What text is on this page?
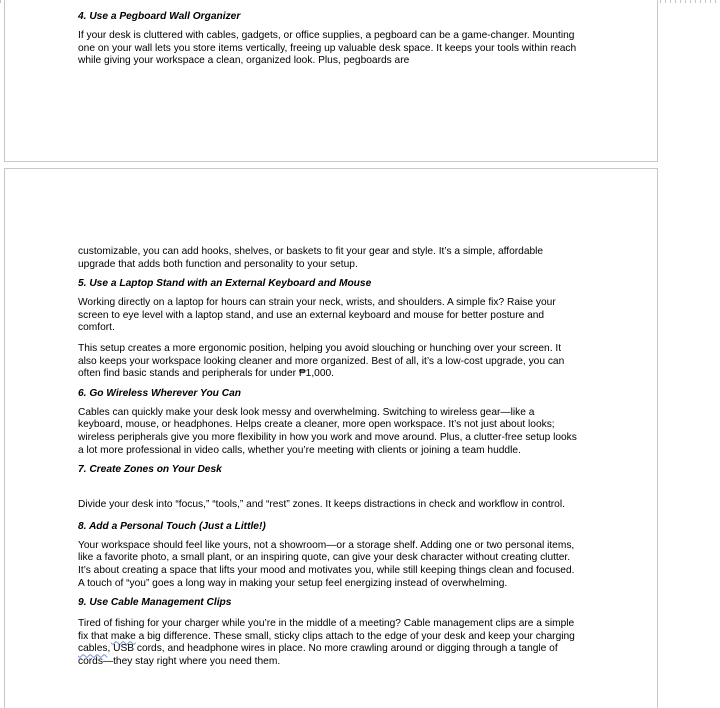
4. Use a Pegboard Wall Organizer

If your desk is cluttered with cables, gadgets, or office supplies, a pegboard can be a game-changer. Mounting one on your wall lets you store items vertically, freeing up valuable desk space. It keeps your tools within reach while giving your workspace a clean, organized look. Plus, pegboards are

customizable, you can add hooks, shelves, or baskets to fit your gear and style. It’s a simple, affordable upgrade that adds both function and personality to your setup.

5. Use a Laptop Stand with an External Keyboard and Mouse

Working directly on a laptop for hours can strain your neck, wrists, and shoulders. A simple fix? Raise your screen to eye level with a laptop stand, and use an external keyboard and mouse for better posture and comfort.

This setup creates a more ergonomic position, helping you avoid slouching or hunching over your screen. It also keeps your workspace looking cleaner and more organized. Best of all, it’s a low-cost upgrade, you can often find basic stands and peripherals for under ₱1,000.

6. Go Wireless Wherever You Can

Cables can quickly make your desk look messy and overwhelming. Switching to wireless gear—like a keyboard, mouse, or headphones. Helps create a cleaner, more open workspace. It’s not just about looks; wireless peripherals give you more flexibility in how you work and move around. Plus, a clutter-free setup looks a lot more professional in video calls, whether you’re meeting with clients or joining a team huddle.

7. Create Zones on Your Desk

Divide your desk into “focus,” “tools,” and “rest” zones. It keeps distractions in check and workflow in control.

8. Add a Personal Touch (Just a Little!)

Your workspace should feel like yours, not a showroom—or a storage shelf. Adding one or two personal items, like a favorite photo, a small plant, or an inspiring quote, can give your desk character without creating clutter. It’s about creating a space that lifts your mood and motivates you, while still keeping things clean and focused. A touch of “you” goes a long way in making your setup feel energizing instead of overwhelming.

9. Use Cable Management Clips

Tired of fishing for your charger while you’re in the middle of a meeting? Cable management clips are a simple fix that make a big difference. These small, sticky clips attach to the edge of your desk and keep your charging cables, USB cords, and headphone wires in place. No more crawling around or digging through a tangle of cords—they stay right where you need them.
